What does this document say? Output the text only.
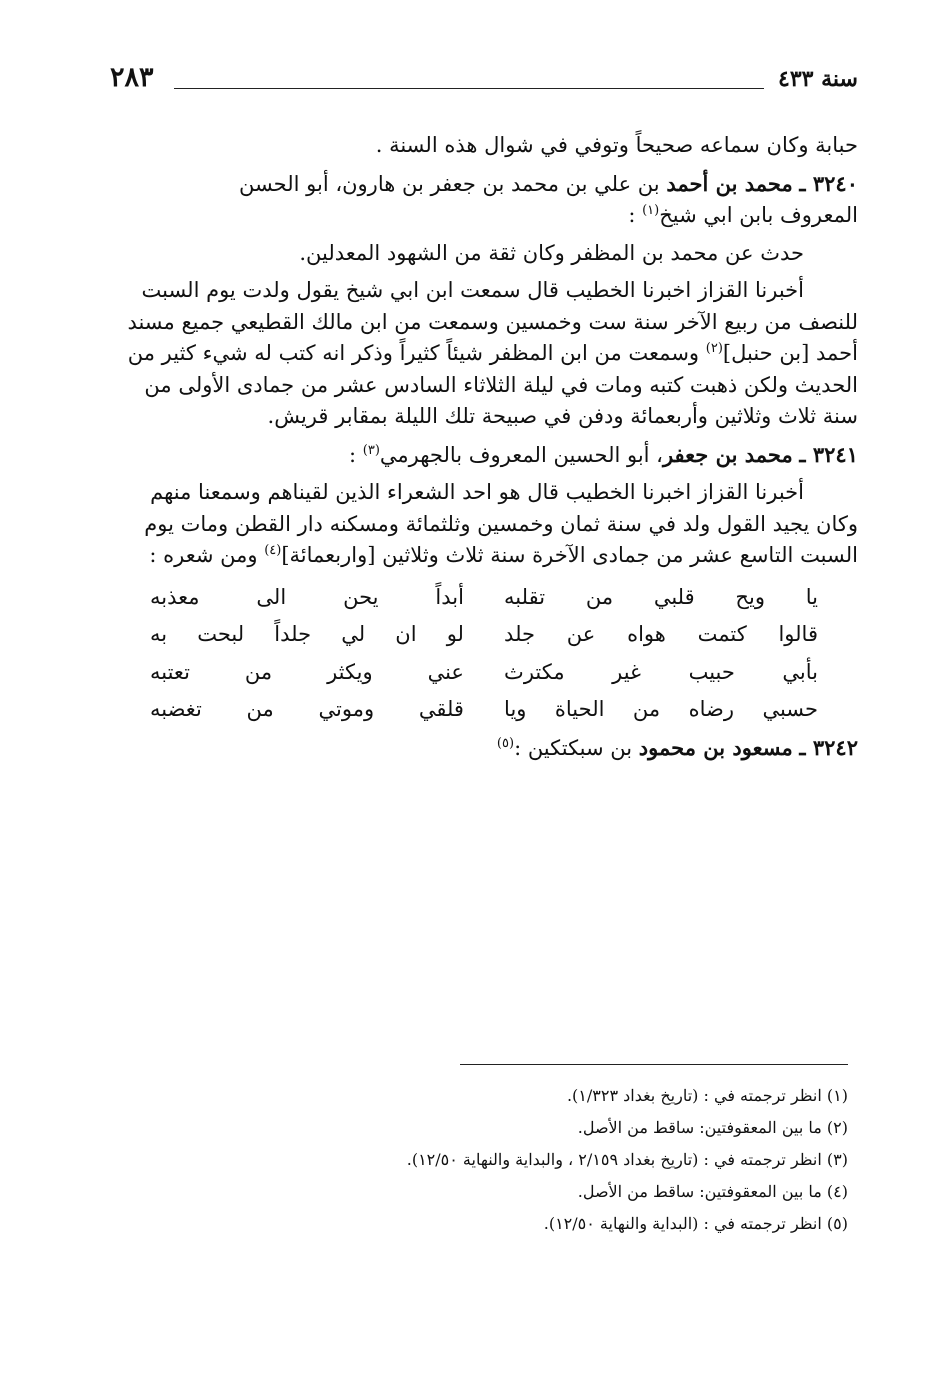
٢٨٣	سنة ٤٣٣

حبابة وكان سماعه صحيحاً وتوفي في شوال هذه السنة .

٣٢٤٠ ـ محمد بن أحمد بن علي بن محمد بن جعفر بن هارون، أبو الحسن
المعروف بابن ابي شيخ$^{(١)}$ :

حدث عن محمد بن المظفر وكان ثقة من الشهود المعدلين.

أخبرنا القزاز اخبرنا الخطيب قال سمعت ابن ابي شيخ يقول ولدت يوم السبت
للنصف من ربيع الآخر سنة ست وخمسين وسمعت من ابن مالك القطيعي جميع مسند
أحمد [بن حنبل]$^{(٢)}$ وسمعت من ابن المظفر شيئاً كثيراً وذكر انه كتب له شيء كثير من
الحديث ولكن ذهبت كتبه ومات في ليلة الثلاثاء السادس عشر من جمادى الأولى من
سنة ثلاث وثلاثين وأربعمائة ودفن في صبيحة تلك الليلة بمقابر قريش.
٣٢٤١ ـ محمد بن جعفر، أبو الحسين المعروف بالجهرمي$^{(٣)}$ :
أخبرنا القزاز اخبرنا الخطيب قال هو احد الشعراء الذين لقيناهم وسمعنا منهم
وكان يجيد القول ولد في سنة ثمان وخمسين وثلثمائة ومسكنه دار القطن ومات يوم
السبت التاسع عشر من جمادى الآخرة سنة ثلاث وثلاثين [واربعمائة]$^{(٤)}$ ومن شعره :
يا ويح قلبي من تقلبه
أبداً يحن الى معذبه
قالوا كتمت هواه عن جلد
لو ان لي جلداً لبحت به
بأبي حبيب غير مكترث
عني ويكثر من تعتبه
حسبي رضاه من الحياة ويا
قلقي وموتي من تغضبه
٣٢٤٢ ـ مسعود بن محمود بن سبكتكين :$^{(٥)}$
(١) انظر ترجمته في : (تاريخ بغداد ١/٣٢٣).
(٢) ما بين المعقوفتين: ساقط من الأصل.
(٣) انظر ترجمته في : (تاريخ بغداد ٢/١٥٩ ، والبداية والنهاية ١٢/٥٠).
(٤) ما بين المعقوفتين: ساقط من الأصل.
(٥) انظر ترجمته في : (البداية والنهاية ١٢/٥٠).
